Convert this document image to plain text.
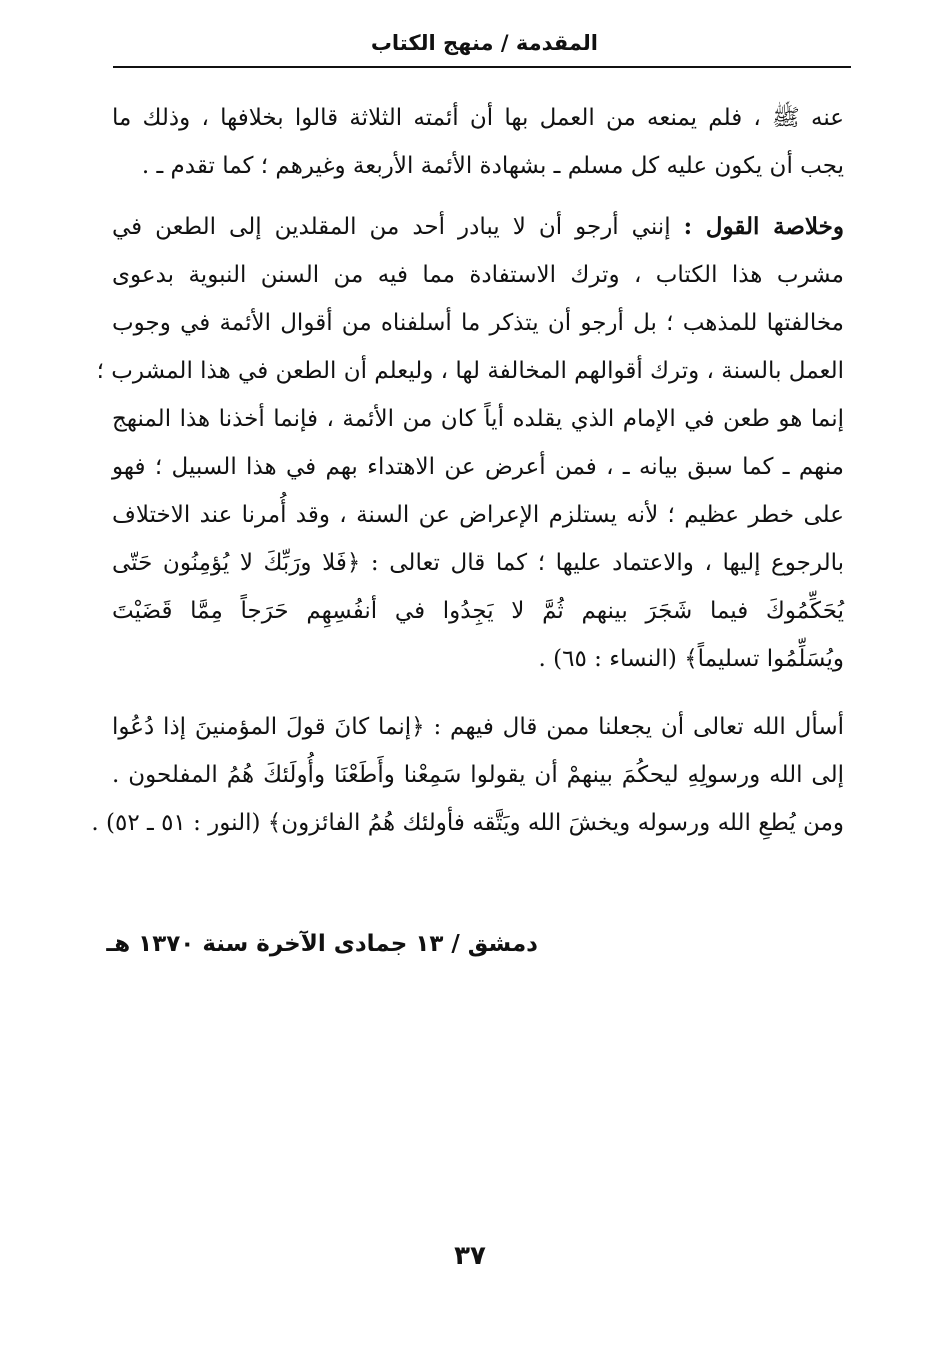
المقدمة / منهج الكتاب
عنه ﷺ ، فلم يمنعه من العمل بها أن أئمته الثلاثة قالوا بخلافها ، وذلك ما
يجب أن يكون عليه كل مسلم ـ بشهادة الأئمة الأربعة وغيرهم ؛ كما تقدم ـ .
وخلاصة القول : إنني أرجو أن لا يبادر أحد من المقلدين إلى الطعن في
مشرب هذا الكتاب ، وترك الاستفادة مما فيه من السنن النبوية بدعوى
مخالفتها للمذهب ؛ بل أرجو أن يتذكر ما أسلفناه من أقوال الأئمة في وجوب
العمل بالسنة ، وترك أقوالهم المخالفة لها ، وليعلم أن الطعن في هذا المشرب ؛
إنما هو طعن في الإمام الذي يقلده أياً كان من الأئمة ، فإنما أخذنا هذا المنهج
منهم ـ كما سبق بيانه ـ ، فمن أعرض عن الاهتداء بهم في هذا السبيل ؛ فهو
على خطر عظيم ؛ لأنه يستلزم الإعراض عن السنة ، وقد أُمرنا عند الاختلاف
بالرجوع إليها ، والاعتماد عليها ؛ كما قال تعالى : ﴿فَلا ورَبِّكَ لا يُؤمِنُون حَتّى
يُحَكِّمُوكَ فيما شَجَرَ بينهم ثُمَّ لا يَجِدُوا في أنفُسِهِم حَرَجاً مِمَّا قَضَيْتَ
ويُسَلِّمُوا تسليماً﴾ (النساء : ٦٥) .
أسأل الله تعالى أن يجعلنا ممن قال فيهم : ﴿إنما كانَ قولَ المؤمنينَ إذا دُعُوا
إلى الله ورسولِهِ ليحكُمَ بينهمْ أن يقولوا سَمِعْنا وأَطَعْنَا وأُولَئكَ هُمُ المفلحون .
ومن يُطعِ الله ورسوله ويخشَ الله ويَتَّقه فأولئك هُمُ الفائزون﴾ (النور : ٥١ ـ ٥٢) .
دمشق / ١٣ جمادى الآخرة سنة ١٣٧٠ هـ
٣٧
